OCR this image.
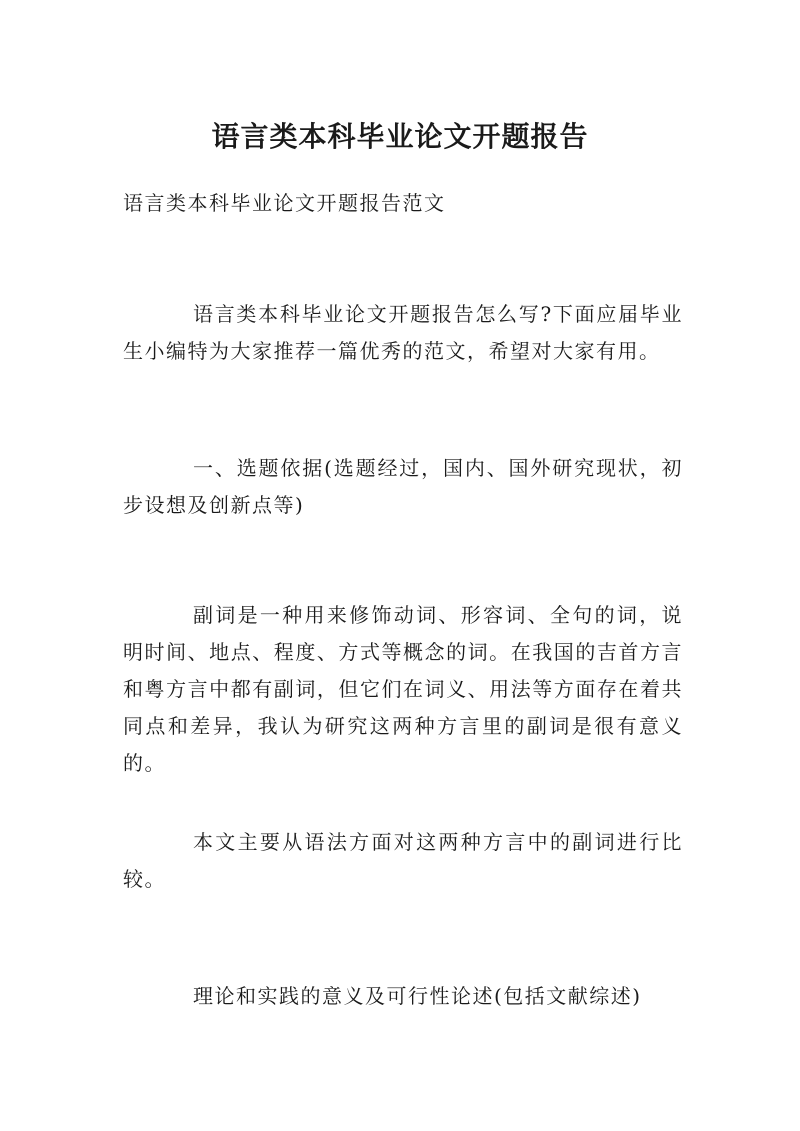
语言类本科毕业论文开题报告

语言类本科毕业论文开题报告范文

语言类本科毕业论文开题报告怎么写?下面应届毕业生小编特为大家推荐一篇优秀的范文，希望对大家有用。

一、选题依据(选题经过，国内、国外研究现状，初步设想及创新点等)

副词是一种用来修饰动词、形容词、全句的词，说明时间、地点、程度、方式等概念的词。在我国的吉首方言和粤方言中都有副词，但它们在词义、用法等方面存在着共同点和差异，我认为研究这两种方言里的副词是很有意义的。

本文主要从语法方面对这两种方言中的副词进行比较。

理论和实践的意义及可行性论述(包括文献综述)
